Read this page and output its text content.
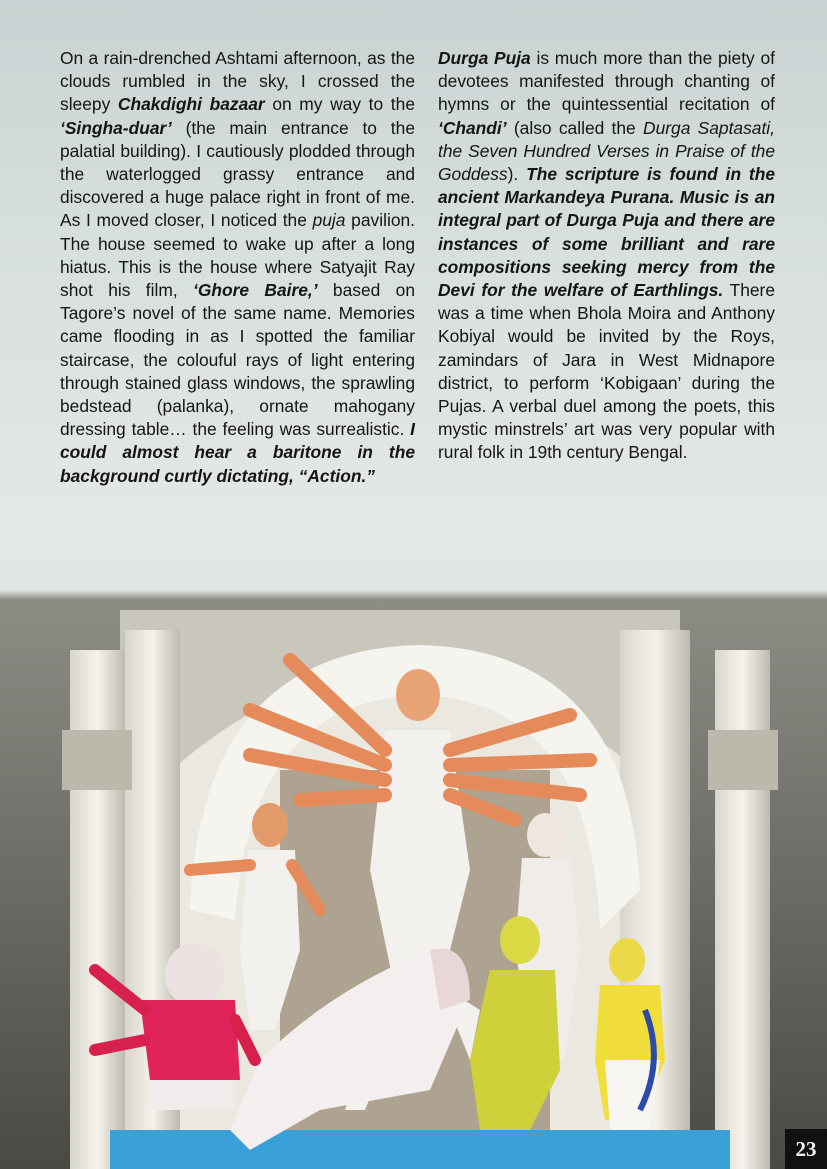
On a rain-drenched Ashtami afternoon, as the clouds rumbled in the sky, I crossed the sleepy Chakdighi bazaar on my way to the ‘Singha-duar’ (the main entrance to the palatial building). I cautiously plodded through the waterlogged grassy entrance and discovered a huge palace right in front of me. As I moved closer, I noticed the puja pavilion. The house seemed to wake up after a long hiatus. This is the house where Satyajit Ray shot his film, ‘Ghore Baire,’ based on Tagore’s novel of the same name. Memories came flooding in as I spotted the familiar staircase, the colouful rays of light entering through stained glass windows, the sprawling bedstead (palanka), ornate mahogany dressing table… the feeling was surrealistic. I could almost hear a baritone in the background curtly dictating, “Action.”
Durga Puja is much more than the piety of devotees manifested through chanting of hymns or the quintessential recitation of ‘Chandi’ (also called the Durga Saptasati, the Seven Hundred Verses in Praise of the Goddess). The scripture is found in the ancient Markandeya Purana. Music is an integral part of Durga Puja and there are instances of some brilliant and rare compositions seeking mercy from the Devi for the welfare of Earthlings. There was a time when Bhola Moira and Anthony Kobiyal would be invited by the Roys, zamindars of Jara in West Midnapore district, to perform ‘Kobigaan’ during the Pujas. A verbal duel among the poets, this mystic minstrels’ art was very popular with rural folk in 19th century Bengal.
23
